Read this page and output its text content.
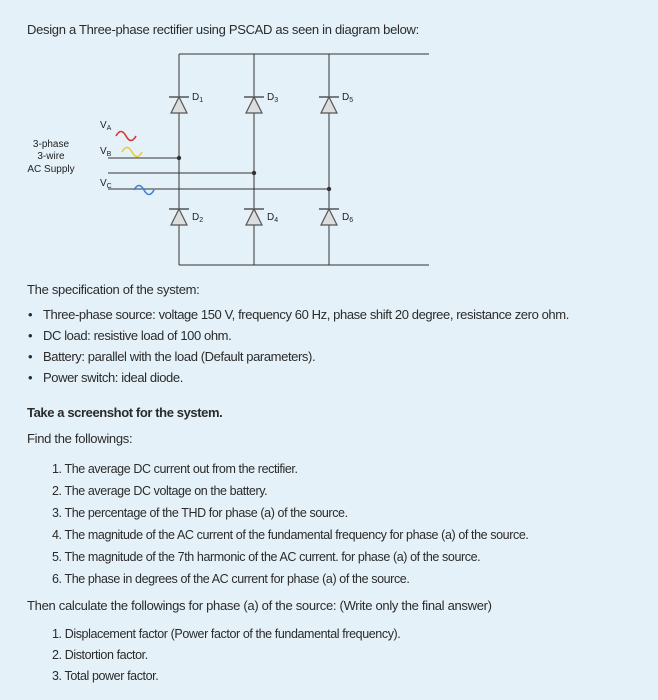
Design a Three-phase rectifier using PSCAD as seen in diagram below:
$D_1$	$D_3$	$D_5$
$D_2$	$D_4$	$D_6$
$V_A$
$V_B$
$V_C$
3-phase
3-wire
AC Supply
The specification of the system:
• Three-phase source: voltage 150 V, frequency 60 Hz, phase shift 20 degree, resistance zero ohm.
• DC load: resistive load of 100 ohm.
• Battery: parallel with the load (Default parameters).
• Power switch: ideal diode.
Take a screenshot for the system.
Find the followings:
1. The average DC current out from the rectifier.
2. The average DC voltage on the battery.
3. The percentage of the THD for phase (a) of the source.
4. The magnitude of the AC current of the fundamental frequency for phase (a) of the source.
5. The magnitude of the 7th harmonic of the AC current. for phase (a) of the source.
6. The phase in degrees of the AC current for phase (a) of the source.
Then calculate the followings for phase (a) of the source: (Write only the final answer)
1. Displacement factor (Power factor of the fundamental frequency).
2. Distortion factor.
3. Total power factor.
